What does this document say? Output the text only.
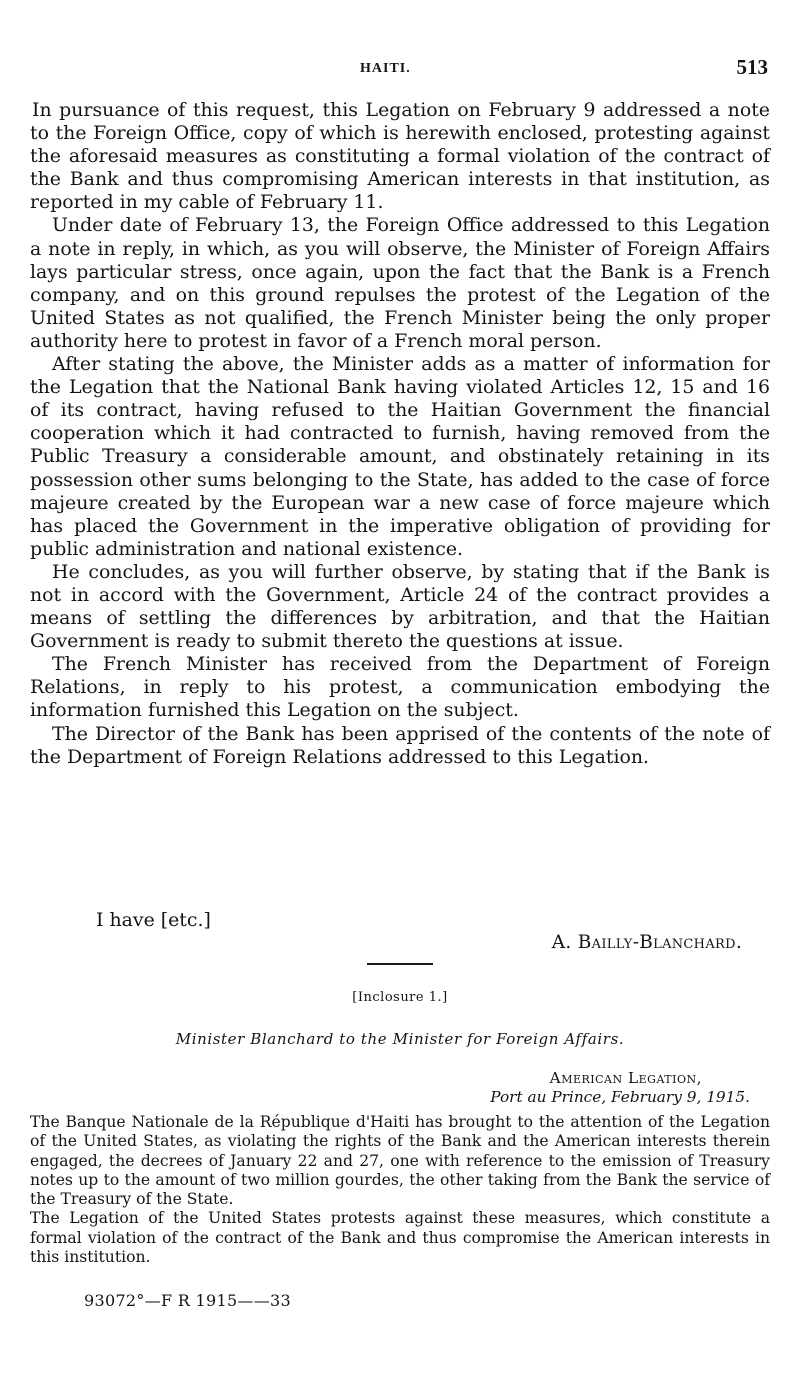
HAITI.	513

In pursuance of this request, this Legation on February 9 addressed a note to the Foreign Office, copy of which is herewith enclosed, protesting against the aforesaid measures as constituting a formal violation of the contract of the Bank and thus compromising American interests in that institution, as reported in my cable of February 11.

Under date of February 13, the Foreign Office addressed to this Legation a note in reply, in which, as you will observe, the Minister of Foreign Affairs lays particular stress, once again, upon the fact that the Bank is a French company, and on this ground repulses the protest of the Legation of the United States as not qualified, the French Minister being the only proper authority here to protest in favor of a French moral person.

After stating the above, the Minister adds as a matter of information for the Legation that the National Bank having violated Articles 12, 15 and 16 of its contract, having refused to the Haitian Government the financial cooperation which it had contracted to furnish, having removed from the Public Treasury a considerable amount, and obstinately retaining in its possession other sums belonging to the State, has added to the case of force majeure created by the European war a new case of force majeure which has placed the Government in the imperative obligation of providing for public administration and national existence.

He concludes, as you will further observe, by stating that if the Bank is not in accord with the Government, Article 24 of the contract provides a means of settling the differences by arbitration, and that the Haitian Government is ready to submit thereto the questions at issue.

The French Minister has received from the Department of Foreign Relations, in reply to his protest, a communication embodying the information furnished this Legation on the subject.

The Director of the Bank has been apprised of the contents of the note of the Department of Foreign Relations addressed to this Legation.

I have [etc.]
A. Bailly-Blanchard.
[Inclosure 1.]
Minister Blanchard to the Minister for Foreign Affairs.
American Legation,
Port au Prince, February 9, 1915.

The Banque Nationale de la République d'Haiti has brought to the attention of the Legation of the United States, as violating the rights of the Bank and the American interests therein engaged, the decrees of January 22 and 27, one with reference to the emission of Treasury notes up to the amount of two million gourdes, the other taking from the Bank the service of the Treasury of the State.

The Legation of the United States protests against these measures, which constitute a formal violation of the contract of the Bank and thus compromise the American interests in this institution.

93072°—F R 1915——33
